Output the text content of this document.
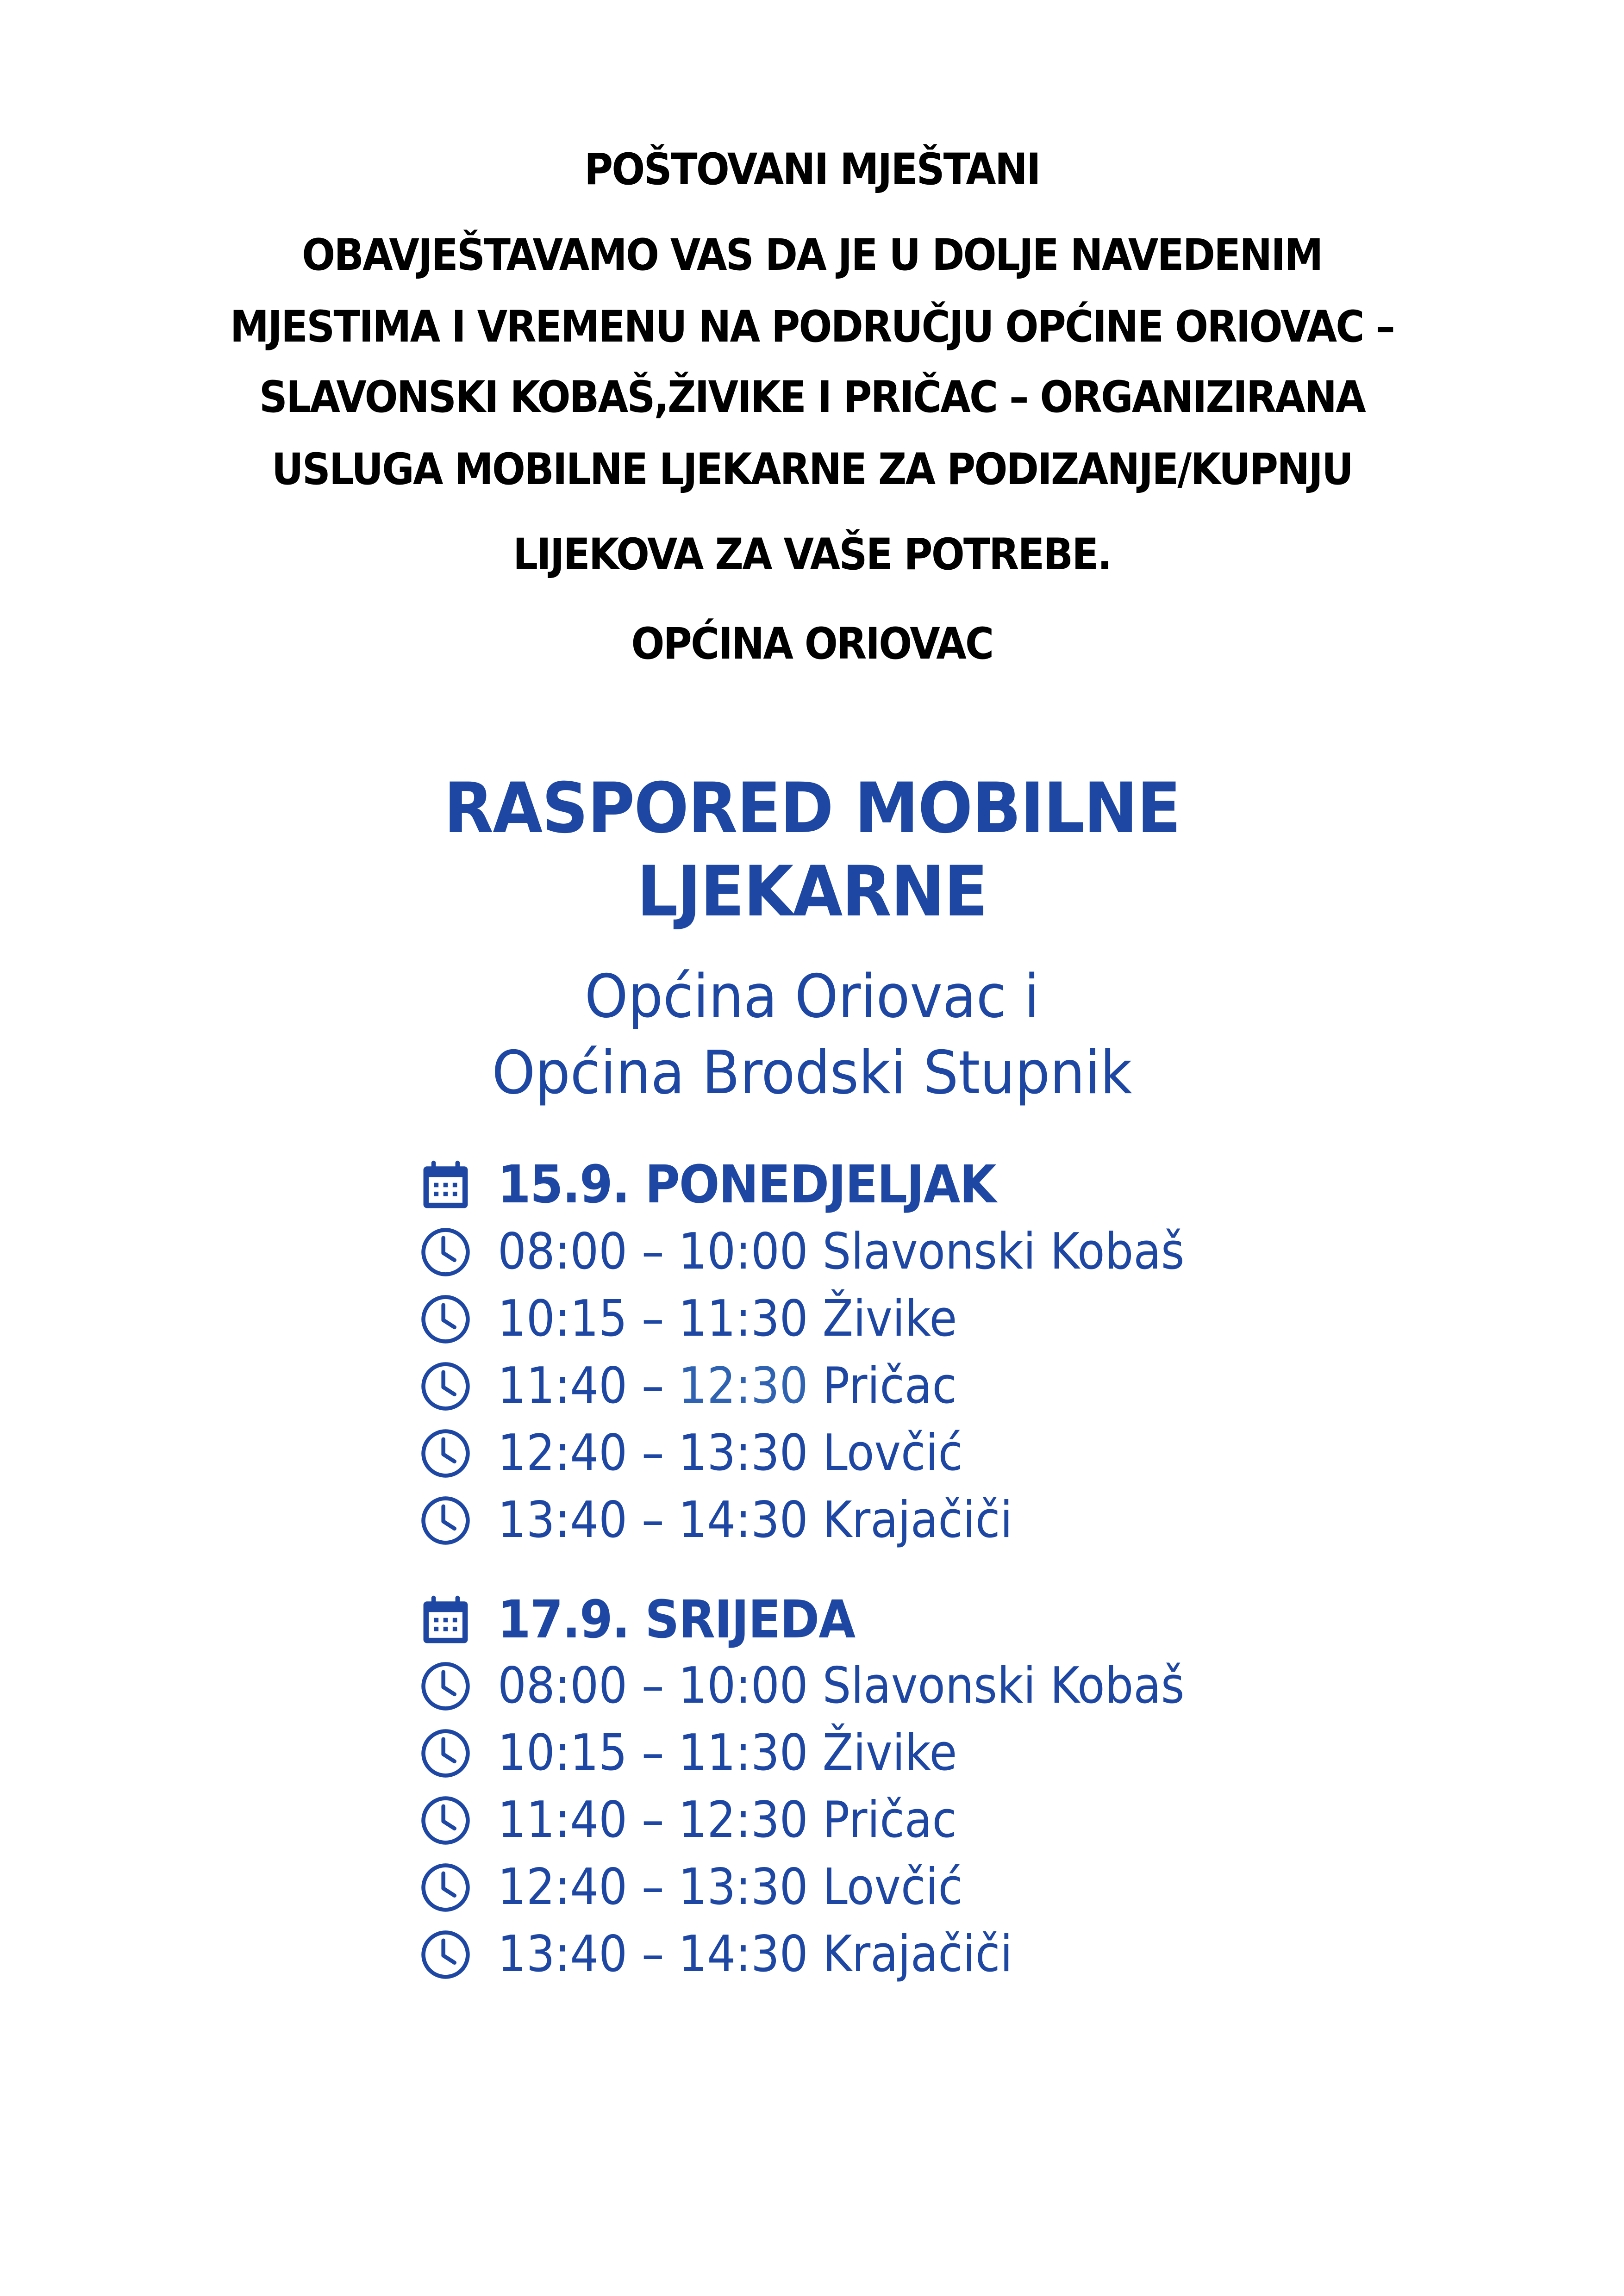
POŠTOVANI MJEŠTANI
OBAVJEŠTAVAMO VAS DA JE U DOLJE NAVEDENIM
MJESTIMA I VREMENU NA PODRUČJU OPĆINE ORIOVAC –
SLAVONSKI KOBAŠ,ŽIVIKE I PRIČAC – ORGANIZIRANA
USLUGA MOBILNE LJEKARNE ZA PODIZANJE/KUPNJU
LIJEKOVA ZA VAŠE POTREBE.
OPĆINA ORIOVAC
RASPORED MOBILNE
LJEKARNE
Općina Oriovac i
Općina Brodski Stupnik
15.9. PONEDJELJAK
08:00 – 10:00
Slavonski Kobaš
10:15 – 11:30
Živike
11:40 – 12:30
Pričac
12:40 – 13:30
Lovčić
13:40 – 14:30
Krajačiči
17.9. SRIJEDA
08:00 – 10:00
Slavonski Kobaš
10:15 – 11:30
Živike
11:40 – 12:30
Pričac
12:40 – 13:30
Lovčić
13:40 – 14:30
Krajačiči
